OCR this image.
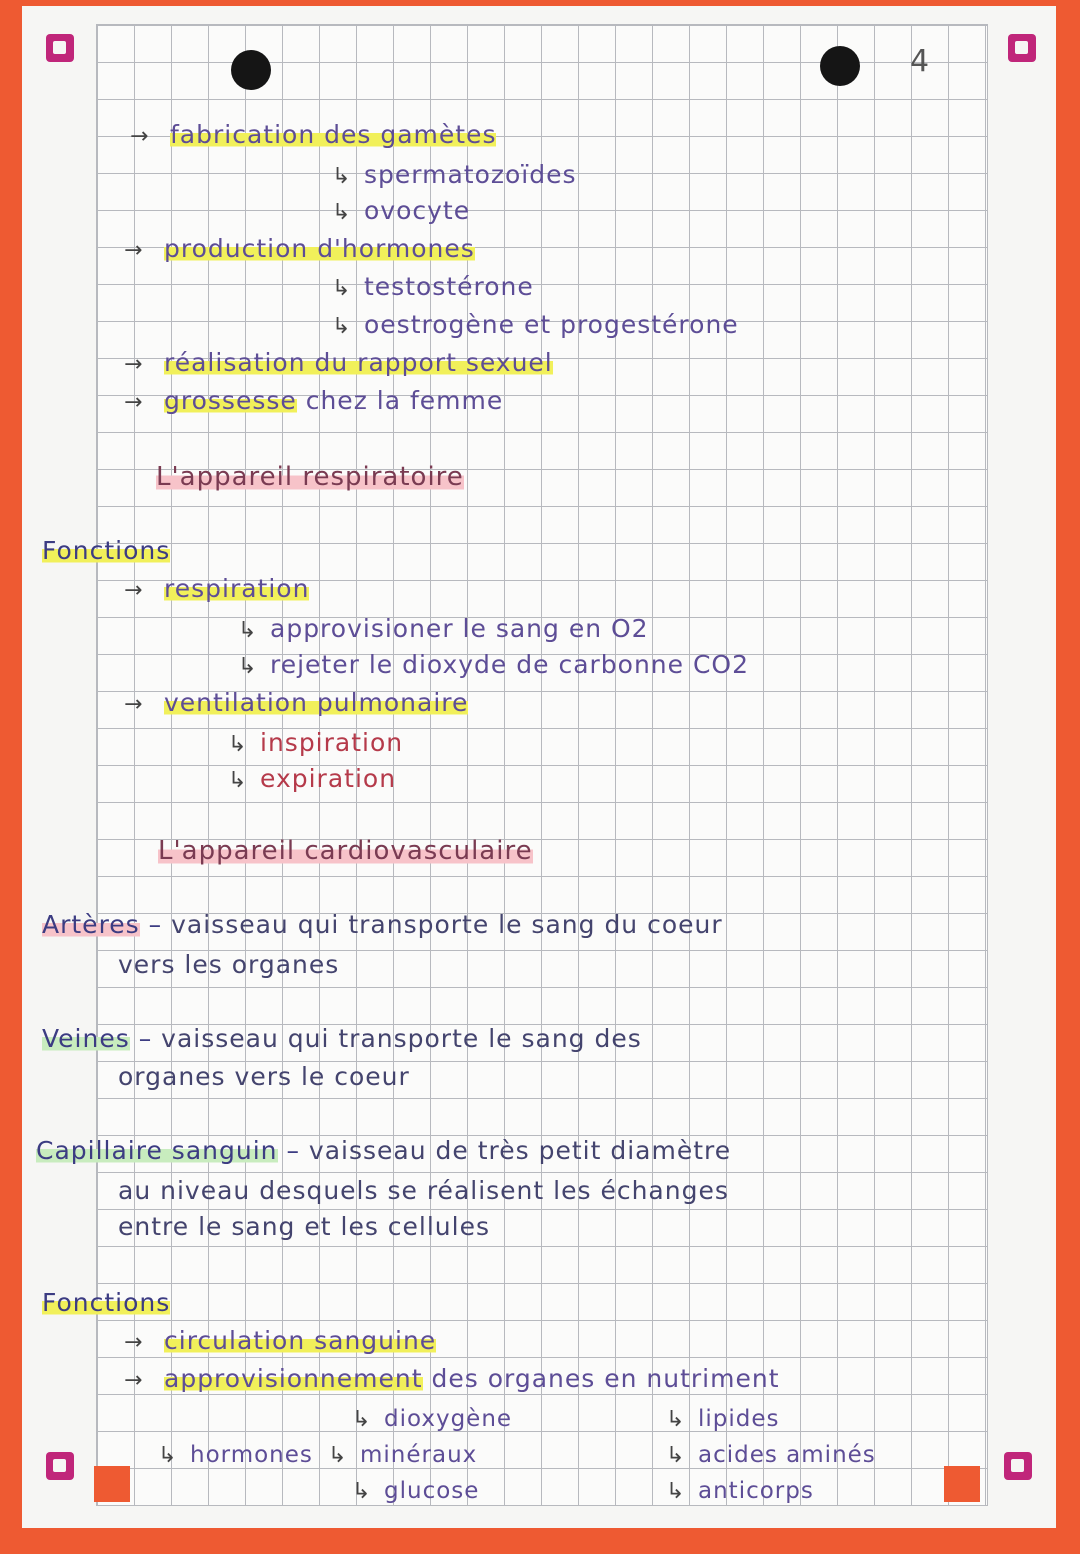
4
→ fabrication des gamètes
↳ spermatozoïdes
↳ ovocyte
→ production d'hormones
↳ testostérone
↳ oestrogène et progestérone
→ réalisation du rapport sexuel
→ grossesse chez la femme
L'appareil respiratoire
Fonctions
→ respiration
↳ approvisioner le sang en O2
↳ rejeter le dioxyde de carbonne CO2
→ ventilation pulmonaire
↳ inspiration
↳ expiration
L'appareil cardiovasculaire
Artères – vaisseau qui transporte le sang du coeur
vers les organes
Veines – vaisseau qui transporte le sang des
organes vers le coeur
Capillaire sanguin – vaisseau de très petit diamètre
au niveau desquels se réalisent les échanges
entre le sang et les cellules
Fonctions
→ circulation sanguine
→ approvisionnement des organes en nutriment
↳ dioxygène
↳ hormones ↳ minéraux
↳ glucose
↳ lipides
↳ acides aminés
↳ anticorps
